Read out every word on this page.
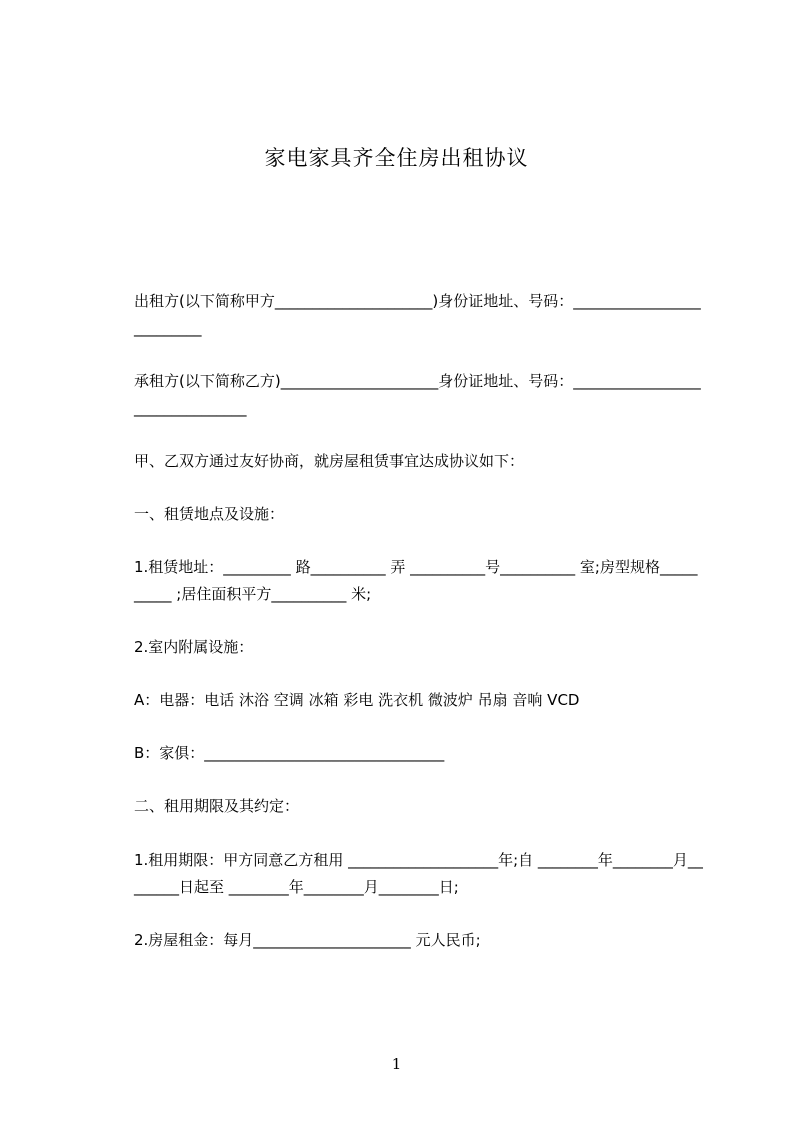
家电家具齐全住房出租协议
出租方(以下简称甲方_____________________)身份证地址、号码：__________________________
承租方(以下简称乙方)_____________________身份证地址、号码：________________________________
甲、乙双方通过友好协商，就房屋租赁事宜达成协议如下：
一、租赁地点及设施：
1.租赁地址：_________ 路__________ 弄 __________号__________ 室;房型规格__________ ;居住面积平方__________ 米;
2.室内附属设施：
A：电器：电话 沐浴 空调 冰箱 彩电 洗衣机 微波炉 吊扇 音响 VCD
B：家俱：________________________________
二、租用期限及其约定：
1.租用期限：甲方同意乙方租用 ____________________年;自 ________年________月________日起至 ________年________月________日;
2.房屋租金：每月_____________________ 元人民币;
1
